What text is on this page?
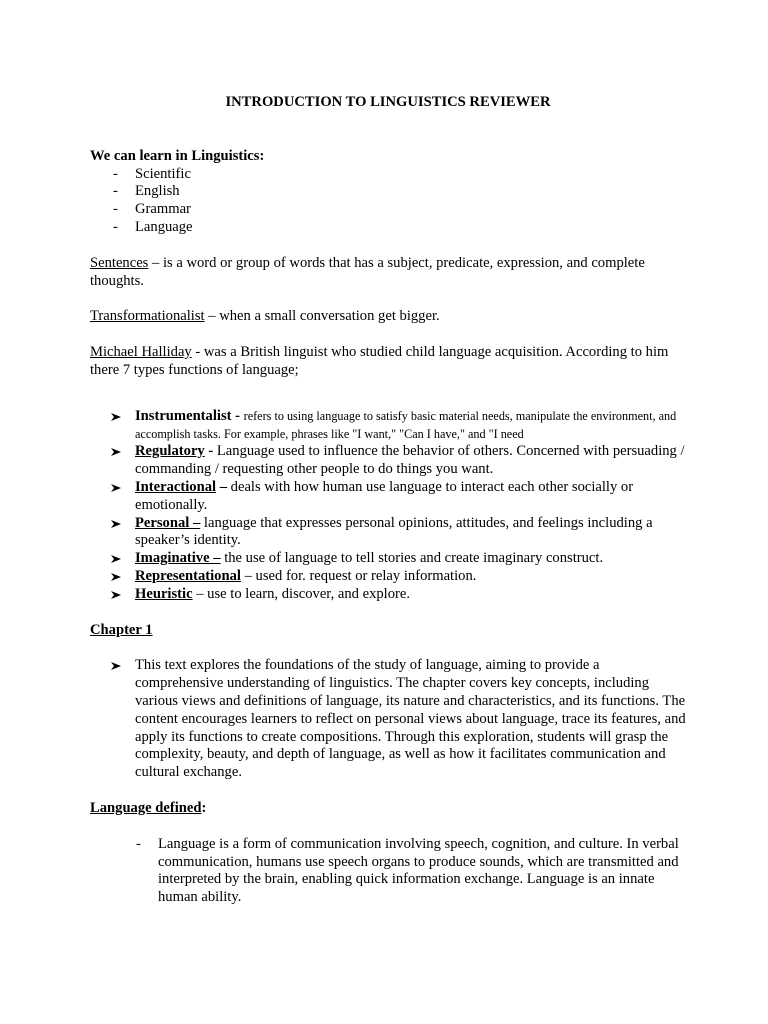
INTRODUCTION TO LINGUISTICS REVIEWER

We can learn in Linguistics:

- Scientific
- English
- Grammar
- Language

Sentences – is a word or group of words that has a subject, predicate, expression, and complete thoughts.

Transformationalist – when a small conversation get bigger.

Michael Halliday - was a British linguist who studied child language acquisition. According to him there 7 types functions of language;

Instrumentalist - refers to using language to satisfy basic material needs, manipulate the environment, and accomplish tasks. For example, phrases like "I want," "Can I have," and "I need
Regulatory - Language used to influence the behavior of others. Concerned with persuading / commanding / requesting other people to do things you want.
Interactional – deals with how human use language to interact each other socially or emotionally.
Personal – language that expresses personal opinions, attitudes, and feelings including a speaker’s identity.
Imaginative – the use of language to tell stories and create imaginary construct.
Representational – used for. request or relay information.
Heuristic – use to learn, discover, and explore.

Chapter 1

This text explores the foundations of the study of language, aiming to provide a comprehensive understanding of linguistics. The chapter covers key concepts, including various views and definitions of language, its nature and characteristics, and its functions. The content encourages learners to reflect on personal views about language, trace its features, and apply its functions to create compositions. Through this exploration, students will grasp the complexity, beauty, and depth of language, as well as how it facilitates communication and cultural exchange.

Language defined:

- Language is a form of communication involving speech, cognition, and culture. In verbal communication, humans use speech organs to produce sounds, which are transmitted and interpreted by the brain, enabling quick information exchange. Language is an innate human ability.
